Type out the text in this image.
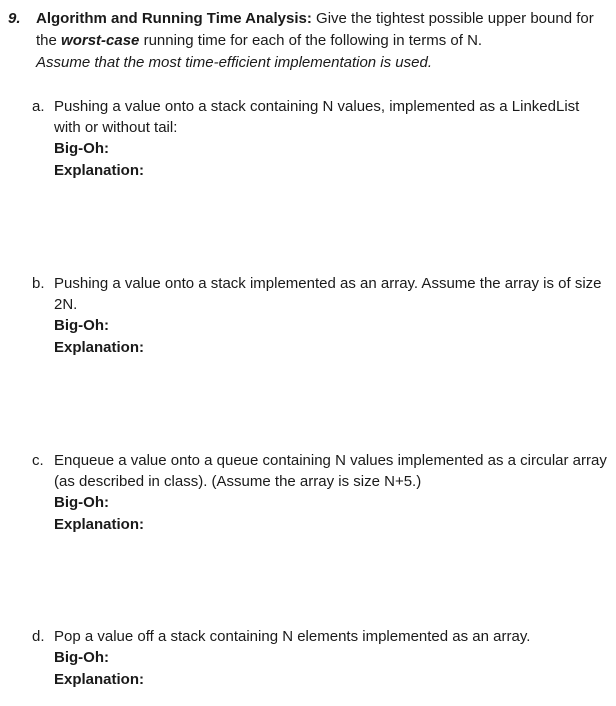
9.	Algorithm and Running Time Analysis: Give the tightest possible upper bound for the worst-case running time for each of the following in terms of N.
Assume that the most time-efficient implementation is used.
a. Pushing a value onto a stack containing N values, implemented as a LinkedList with or without tail:
Big-Oh:
Explanation:
b. Pushing a value onto a stack implemented as an array. Assume the array is of size 2N.
Big-Oh:
Explanation:
c. Enqueue a value onto a queue containing N values implemented as a circular array (as described in class). (Assume the array is size N+5.)
Big-Oh:
Explanation:
d. Pop a value off a stack containing N elements implemented as an array.
Big-Oh:
Explanation:
